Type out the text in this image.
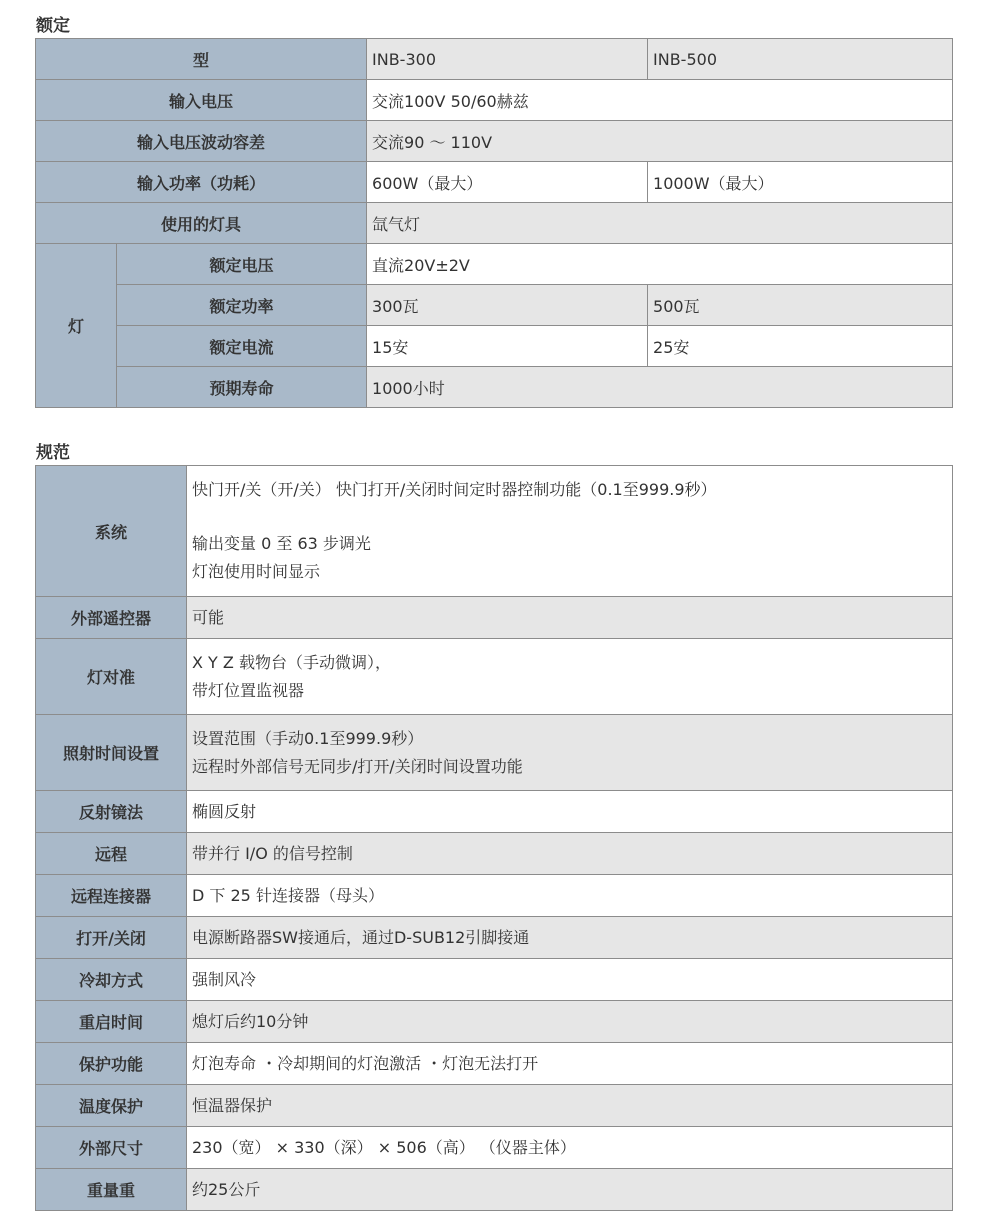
额定
型		INB-300	INB-500
输入电压		交流100V 50/60赫兹	
输入电压波动容差		交流90 ～ 110V	
输入功率（功耗）		600W（最大）	1000W（最大）
使用的灯具		氙气灯	
灯	额定电压	直流20V±2V	
	额定功率	300瓦	500瓦
	额定电流	15安	25安
	预期寿命	1000小时	
规范
系统	快门开/关（开/关） 快门打开/关闭时间定时器控制功能（0.1至999.9秒）
输出变量 0 至 63 步调光
灯泡使用时间显示

外部遥控器	可能

灯对准	X Y Z 载物台（手动微调），
带灯位置监视器

照射时间设置	设置范围（手动0.1至999.9秒）
远程时外部信号无同步/打开/关闭时间设置功能

反射镜法	椭圆反射

远程	带并行 I/O 的信号控制

远程连接器	D 下 25 针连接器（母头）

打开/关闭	电源断路器SW接通后，通过D-SUB12引脚接通

冷却方式	强制风冷

重启时间	熄灯后约10分钟

保护功能	灯泡寿命 ・冷却期间的灯泡激活 ・灯泡无法打开

温度保护	恒温器保护

外部尺寸	230（宽） × 330（深） × 506（高） （仪器主体）

重量重	约25公斤
